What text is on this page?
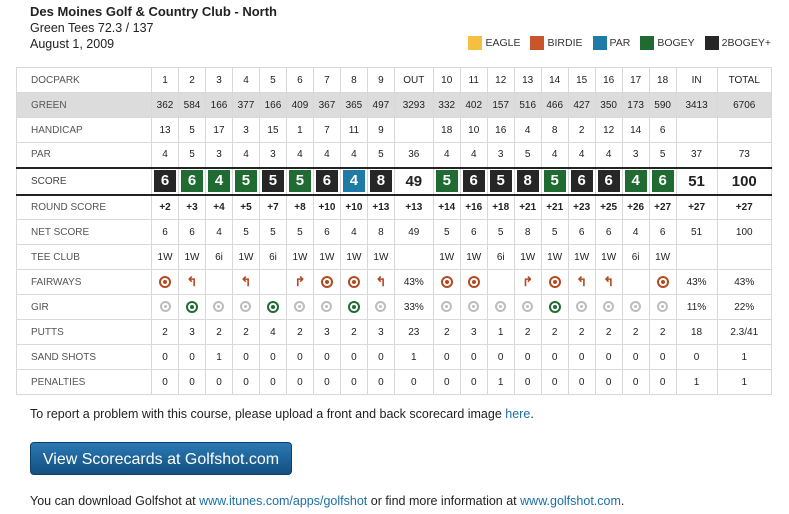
Des Moines Golf & Country Club - North
Green Tees 72.3 / 137
August 1, 2009	EAGLE	BIRDIE	PAR	BOGEY	2BOGEY+
DOCPARK	1	2	3	4	5	6	7	8	9	OUT	10	11	12	13	14	15	16	17	18	IN	TOTAL
GREEN	362	584	166	377	166	409	367	365	497	3293	332	402	157	516	466	427	350	173	590	3413	6706
HANDICAP	13	5	17	3	15	1	7	11	9		18	10	16	4	8	2	12	14	6		
PAR	4	5	3	4	3	4	4	4	5	36	4	4	3	5	4	4	4	3	5	37	73
SCORE	6	6	4	5	5	5	6	4	8	49	5	6	5	8	5	6	6	4	6	51	100
ROUND SCORE	+2	+3	+4	+5	+7	+8	+10	+10	+13	+13	+14	+16	+18	+21	+21	+23	+25	+26	+27	+27	+27
NET SCORE	6	6	4	5	5	5	6	4	8	49	5	6	5	8	5	6	6	4	6	51	100
TEE CLUB	1W	1W	6i	1W	6i	1W	1W	1W	1W		1W	1W	6i	1W	1W	1W	1W	6i	1W		
FAIRWAYS		↰		↰		↱			↰	43%				↱		↰	↰			43%	43%
GIR										33%										11%	22%
PUTTS	2	3	2	2	4	2	3	2	3	23	2	3	1	2	2	2	2	2	2	18	2.3/41
SAND SHOTS	0	0	1	0	0	0	0	0	0	1	0	0	0	0	0	0	0	0	0	0	1
PENALTIES	0	0	0	0	0	0	0	0	0	0	0	0	1	0	0	0	0	0	0	1	1
To report a problem with this course, please upload a front and back scorecard image here.
View Scorecards at Golfshot.com
You can download Golfshot at www.itunes.com/apps/golfshot or find more information at www.golfshot.com.
